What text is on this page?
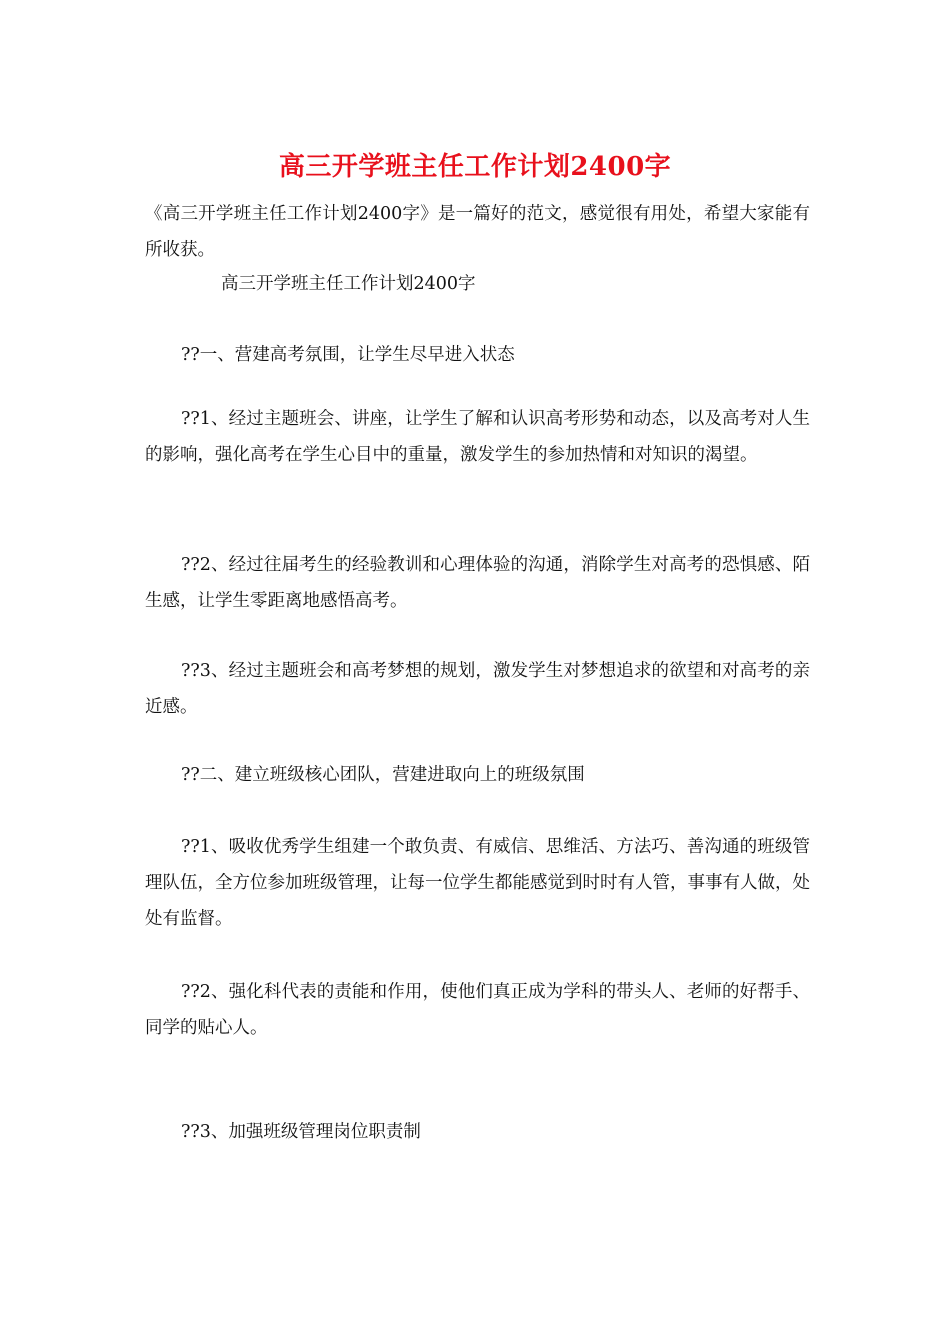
高三开学班主任工作计划2400字

《高三开学班主任工作计划2400字》是一篇好的范文，感觉很有用处，希望大家能有所收获。

高三开学班主任工作计划2400字

??一、营建高考氛围，让学生尽早进入状态

??1、经过主题班会、讲座，让学生了解和认识高考形势和动态，以及高考对人生的影响，强化高考在学生心目中的重量，激发学生的参加热情和对知识的渴望。

??2、经过往届考生的经验教训和心理体验的沟通，消除学生对高考的恐惧感、陌生感，让学生零距离地感悟高考。

??3、经过主题班会和高考梦想的规划，激发学生对梦想追求的欲望和对高考的亲近感。

??二、建立班级核心团队，营建进取向上的班级氛围

??1、吸收优秀学生组建一个敢负责、有威信、思维活、方法巧、善沟通的班级管理队伍，全方位参加班级管理，让每一位学生都能感觉到时时有人管，事事有人做，处处有监督。

??2、强化科代表的责能和作用，使他们真正成为学科的带头人、老师的好帮手、同学的贴心人。

??3、加强班级管理岗位职责制
